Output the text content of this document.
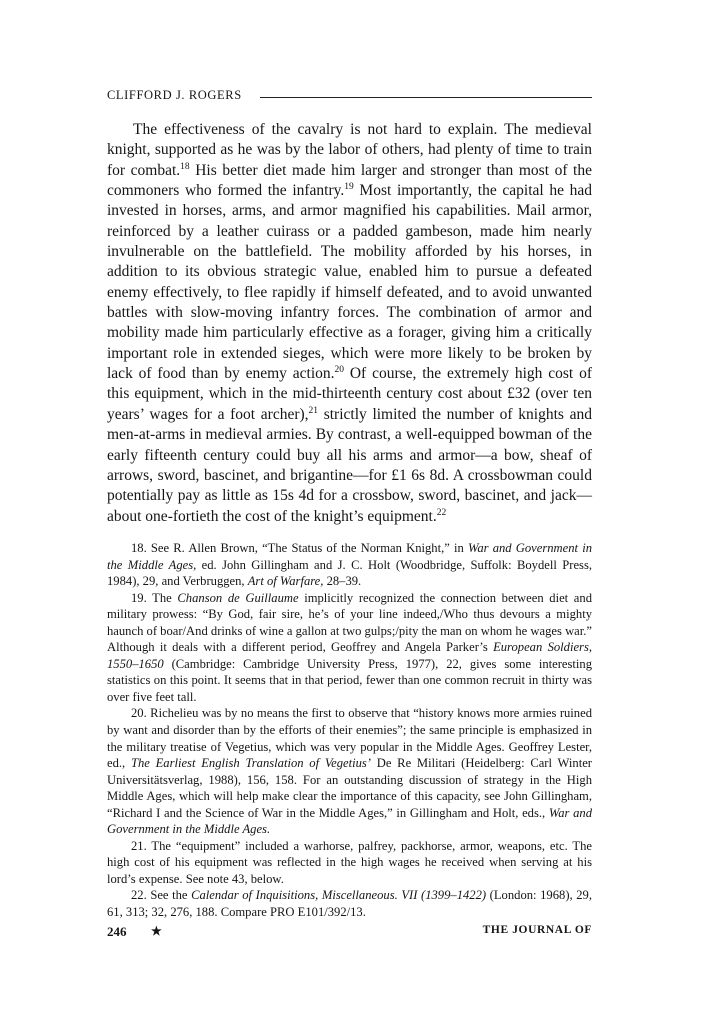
CLIFFORD J. ROGERS

The effectiveness of the cavalry is not hard to explain. The medieval knight, supported as he was by the labor of others, had plenty of time to train for combat.$^{18}$ His better diet made him larger and stronger than most of the commoners who formed the infantry.$^{19}$ Most importantly, the capital he had invested in horses, arms, and armor magnified his capabilities. Mail armor, reinforced by a leather cuirass or a padded gambeson, made him nearly invulnerable on the battlefield. The mobility afforded by his horses, in addition to its obvious strategic value, enabled him to pursue a defeated enemy effectively, to flee rapidly if himself defeated, and to avoid unwanted battles with slow-moving infantry forces. The combination of armor and mobility made him particularly effective as a forager, giving him a critically important role in extended sieges, which were more likely to be broken by lack of food than by enemy action.$^{20}$ Of course, the extremely high cost of this equipment, which in the mid-thirteenth century cost about £32 (over ten years’ wages for a foot archer),$^{21}$ strictly limited the number of knights and men-at-arms in medieval armies. By contrast, a well-equipped bowman of the early fifteenth century could buy all his arms and armor—a bow, sheaf of arrows, sword, bascinet, and brigantine—for £1 6s 8d. A crossbowman could potentially pay as little as 15s 4d for a crossbow, sword, bascinet, and jack—about one-fortieth the cost of the knight’s equipment.$^{22}$

18. See R. Allen Brown, “The Status of the Norman Knight,” in War and Government in the Middle Ages, ed. John Gillingham and J. C. Holt (Woodbridge, Suffolk: Boydell Press, 1984), 29, and Verbruggen, Art of Warfare, 28–39.

19. The Chanson de Guillaume implicitly recognized the connection between diet and military prowess: “By God, fair sire, he’s of your line indeed,/Who thus devours a mighty haunch of boar/And drinks of wine a gallon at two gulps;/pity the man on whom he wages war.” Although it deals with a different period, Geoffrey and Angela Parker’s European Soldiers, 1550–1650 (Cambridge: Cambridge University Press, 1977), 22, gives some interesting statistics on this point. It seems that in that period, fewer than one common recruit in thirty was over five feet tall.

20. Richelieu was by no means the first to observe that “history knows more armies ruined by want and disorder than by the efforts of their enemies”; the same principle is emphasized in the military treatise of Vegetius, which was very popular in the Middle Ages. Geoffrey Lester, ed., The Earliest English Translation of Vegetius’ De Re Militari (Heidelberg: Carl Winter Universitätsverlag, 1988), 156, 158. For an outstanding discussion of strategy in the High Middle Ages, which will help make clear the importance of this capacity, see John Gillingham, “Richard I and the Science of War in the Middle Ages,” in Gillingham and Holt, eds., War and Government in the Middle Ages.

21. The “equipment” included a warhorse, palfrey, packhorse, armor, weapons, etc. The high cost of his equipment was reflected in the high wages he received when serving at his lord’s expense. See note 43, below.

22. See the Calendar of Inquisitions, Miscellaneous. VII (1399–1422) (London: 1968), 29, 61, 313; 32, 276, 188. Compare PRO E101/392/13.

246 ★	THE JOURNAL OF
